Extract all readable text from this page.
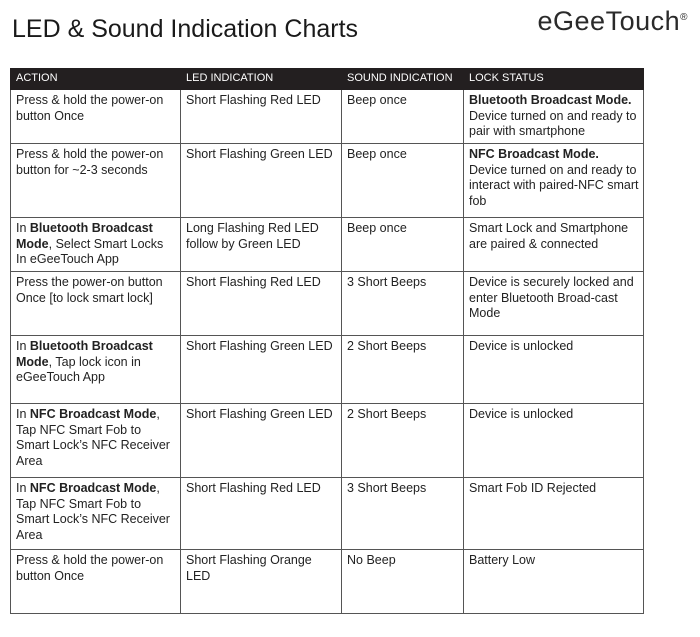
LED & Sound Indication Charts	eGeeTouch®
ACTION	LED INDICATION	SOUND INDICATION	LOCK STATUS
Press & hold the power-on button Once	Short Flashing Red LED	Beep once	Bluetooth Broadcast Mode.
Device turned on and ready to pair with smartphone

Press & hold the power-on button for ~2-3 seconds	Short Flashing Green LED	Beep once	NFC Broadcast Mode.
Device turned on and ready to interact with paired-NFC smart fob

In Bluetooth Broadcast Mode, Select Smart Locks In eGeeTouch App	Long Flashing Red LED follow by Green LED	Beep once	Smart Lock and Smartphone are paired & connected

Press the power-on button Once [to lock smart lock]	Short Flashing Red LED	3 Short Beeps	Device is securely locked and enter Bluetooth Broad-cast Mode

In Bluetooth Broadcast Mode, Tap lock icon in eGeeTouch App	Short Flashing Green LED	2 Short Beeps	Device is unlocked

In NFC Broadcast Mode, Tap NFC Smart Fob to Smart Lock’s NFC Receiver Area	Short Flashing Green LED	2 Short Beeps	Device is unlocked

In NFC Broadcast Mode, Tap NFC Smart Fob to Smart Lock’s NFC Receiver Area	Short Flashing Red LED	3 Short Beeps	Smart Fob ID Rejected

Press & hold the power-on button Once	Short Flashing Orange LED	No Beep	Battery Low
